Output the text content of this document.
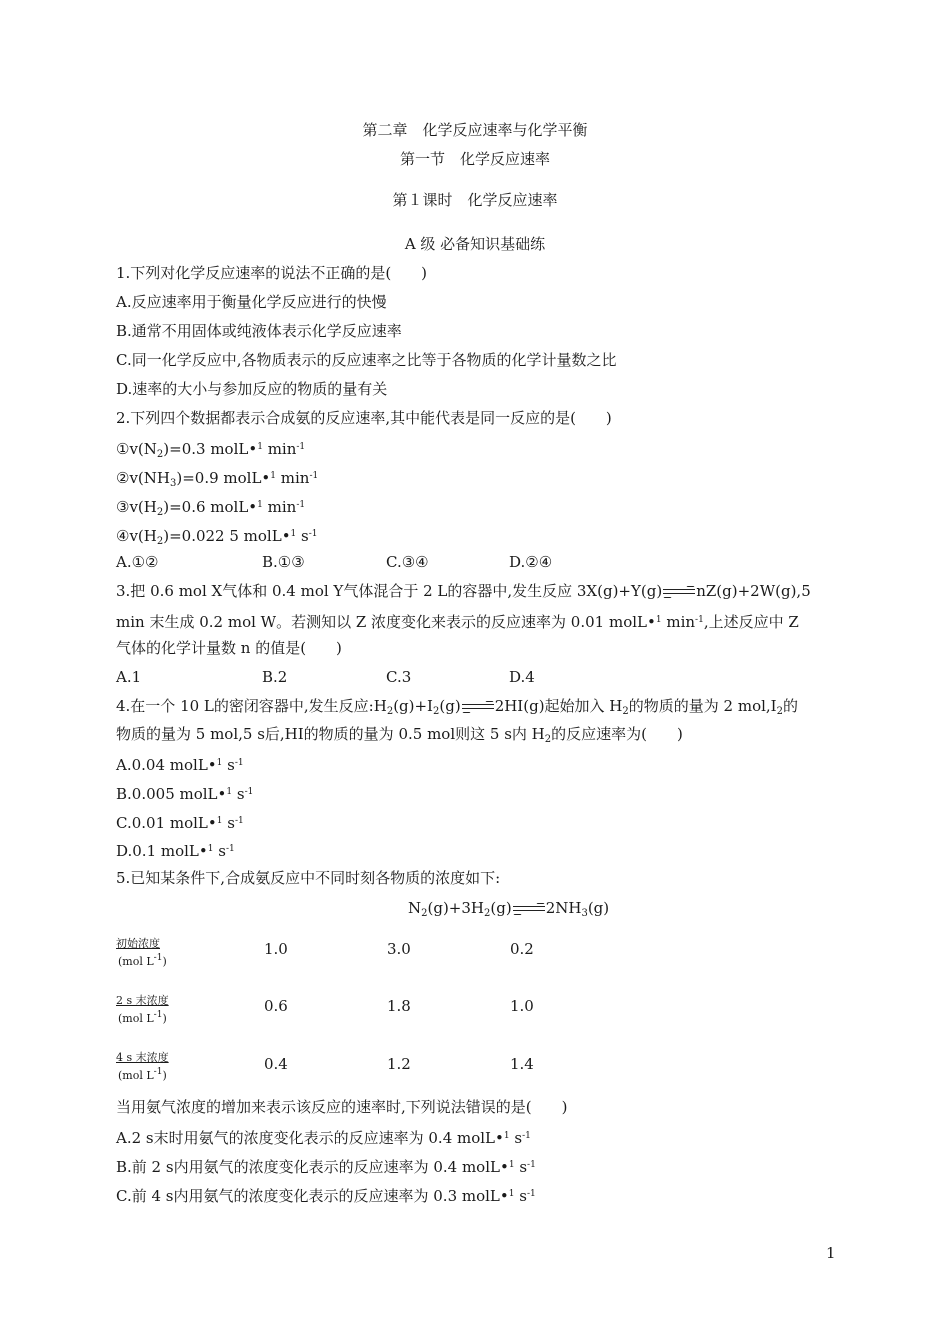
第二章　化学反应速率与化学平衡
第一节　化学反应速率
第１课时　化学反应速率
A 级 必备知识基础练
1.下列对化学反应速率的说法不正确的是(　　)
A.反应速率用于衡量化学反应进行的快慢
B.通常不用固体或纯液体表示化学反应速率
C.同一化学反应中,各物质表示的反应速率之比等于各物质的化学计量数之比
D.速率的大小与参加反应的物质的量有关
2.下列四个数据都表示合成氨的反应速率,其中能代表是同一反应的是(　　)
$①v(N_2)=0.3$ molL•$^1$ $\min^{-1}$
$②v(NH_3)=0.9$ molL•$^1$ $\min^{-1}$
$③v(H_2)=0.6$ molL•$^1$ $\min^{-1}$
$④v(H_2)=0.022$ 5 molL•$^1$ $s^{-1}$
A.①②	B.①③	C.③④	D.②④
3.把 0.6 mol X气体和 0.4 mol Y气体混合于 2 L的容器中,发生反应 3X(g)+Y(g)→nZ(g)+2W(g),5
min 末生成 0.2 mol W。若测知以 Z 浓度变化来表示的反应速率为 0.01 molL•$^1$ $\min^{-1}$,上述反应中 Z
气体的化学计量数 n 的值是(　　)
A.1	B.2	C.3	D.4
4.在一个 10 L的密闭容器中,发生反应$:H_2(g)+I_2(g)\to 2HI(g)$起始加入 $H_2$的物质的量为 2 $mol,I_2$的
物质的量为 5 mol,5 s后,HI的物质的量为 0.5 mol则这 5 s内 $H_2$的反应速率为(　　)
A.0.04 molL•$^1$ $s^{-1}$
B.0.005 molL•$^1$ $s^{-1}$
C.0.01 molL•$^1$ $s^{-1}$
D.0.1 molL•$^1$ $s^{-1}$
5.已知某条件下,合成氨反应中不同时刻各物质的浓度如下:
$N_2(g)+3H_2(g)\to 2NH_3(g)$
初始浓度
(mol $L^{-1}$)
1.0	3.0	0.2
2 s 末浓度
(mol $L^{-1}$)
0.6	1.8	1.0
4 s 末浓度
(mol $L^{-1}$)
0.4	1.2	1.4
当用氨气浓度的增加来表示该反应的速率时,下列说法错误的是(　　)
A.2 s末时用氨气的浓度变化表示的反应速率为 0.4 molL•$^1$ $s^{-1}$
B.前 2 s内用氨气的浓度变化表示的反应速率为 0.4 molL•$^1$ $s^{-1}$
C.前 4 s内用氨气的浓度变化表示的反应速率为 0.3 molL•$^1$ $s^{-1}$
1
